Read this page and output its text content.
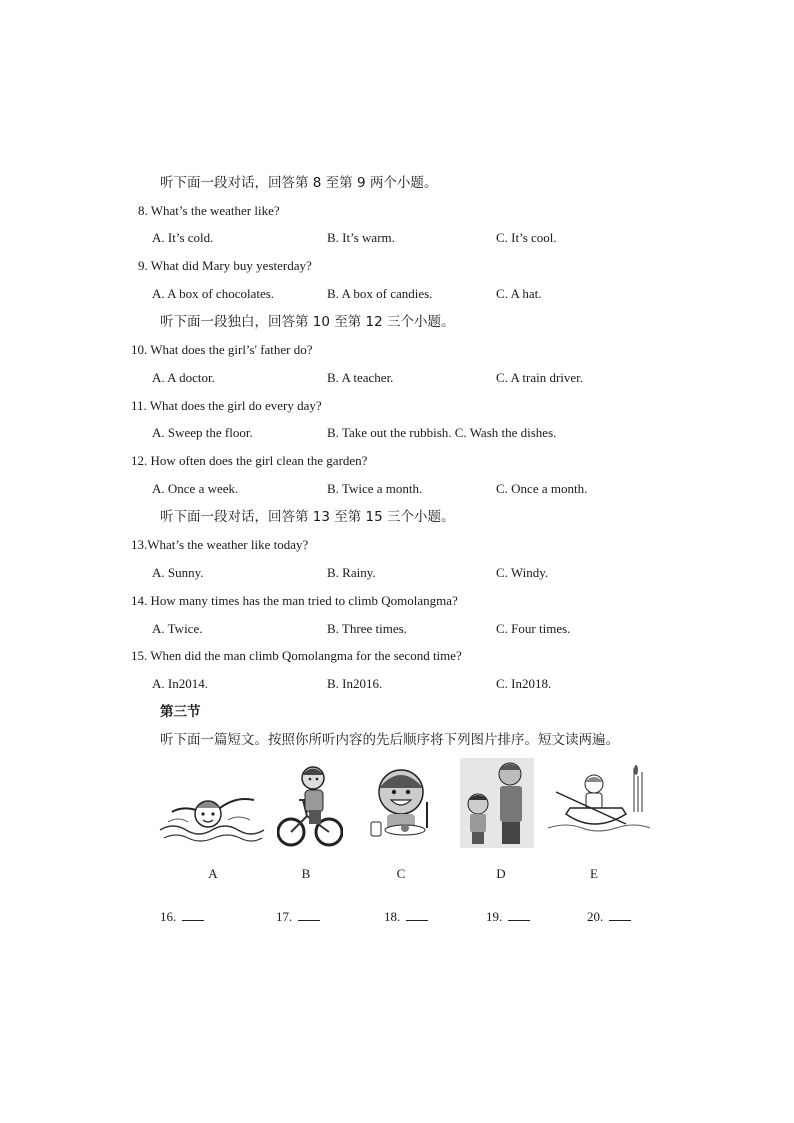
听下面一段对话，回答第 8 至第 9 两个小题。
8. What’s the weather like?
A. It’s cold.	B. It’s warm.	C. It’s cool.
9. What did Mary buy yesterday?
A. A box of chocolates.	B. A box of candies.	C. A hat.
听下面一段独白，回答第 10 至第 12 三个小题。
10. What does the girl’s' father do?
A. A doctor.	B. A teacher.	C. A train driver.
11. What does the girl do every day?
A. Sweep the floor.	B. Take out the rubbish. C. Wash the dishes.
12. How often does the girl clean the garden?
A. Once a week.	B. Twice a month.	C. Once a month.
听下面一段对话，回答第 13 至第 15 三个小题。
13.What’s the weather like today?
A. Sunny.	B. Rainy.	C. Windy.
14. How many times has the man tried to climb Qomolangma?
A. Twice.	B. Three times.	C. Four times.
15. When did the man climb Qomolangma for the second time?
A. In2014.	B. In2016.	C. In2018.
第三节
听下面一篇短文。按照你所听内容的先后顺序将下列图片排序。短文读两遍。
A	B	C	D	E
16.	17.	18.	19.	20.
